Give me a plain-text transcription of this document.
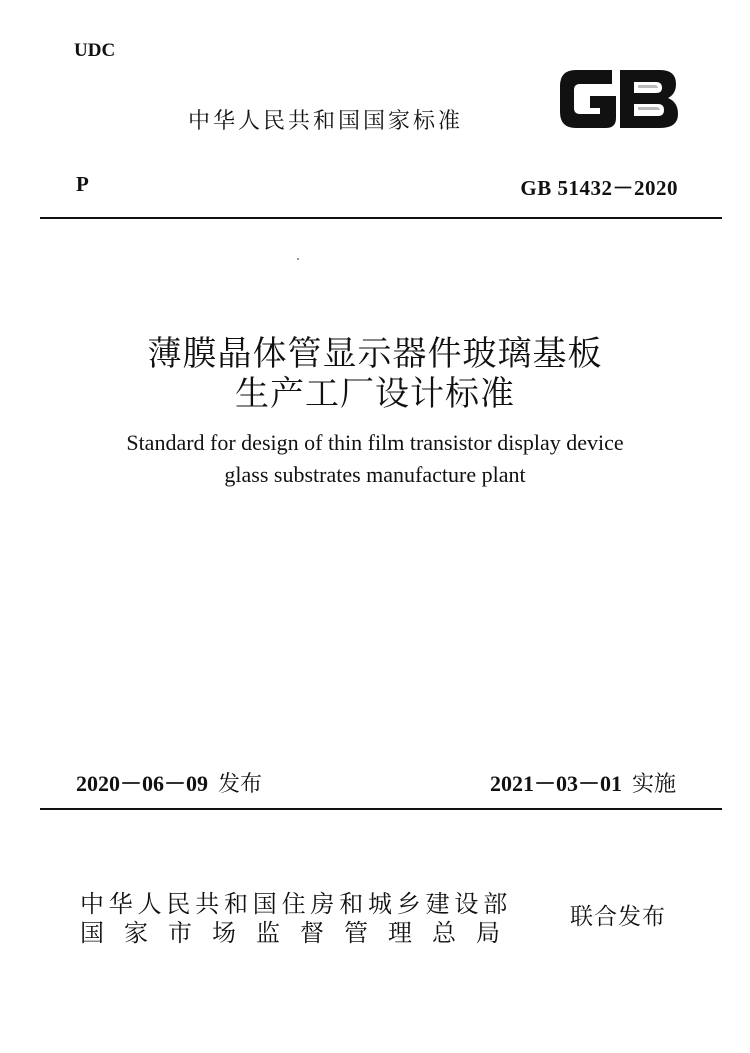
UDC
中华人民共和国国家标准
P	GB 51432－2020
薄膜晶体管显示器件玻璃基板
生产工厂设计标准
Standard for design of thin film transistor display device
glass substrates manufacture plant
2020－06－09 发布	2021－03－01 实施
中华人民共和国住房和城乡建设部
国家市场监督管理总局
联合发布
